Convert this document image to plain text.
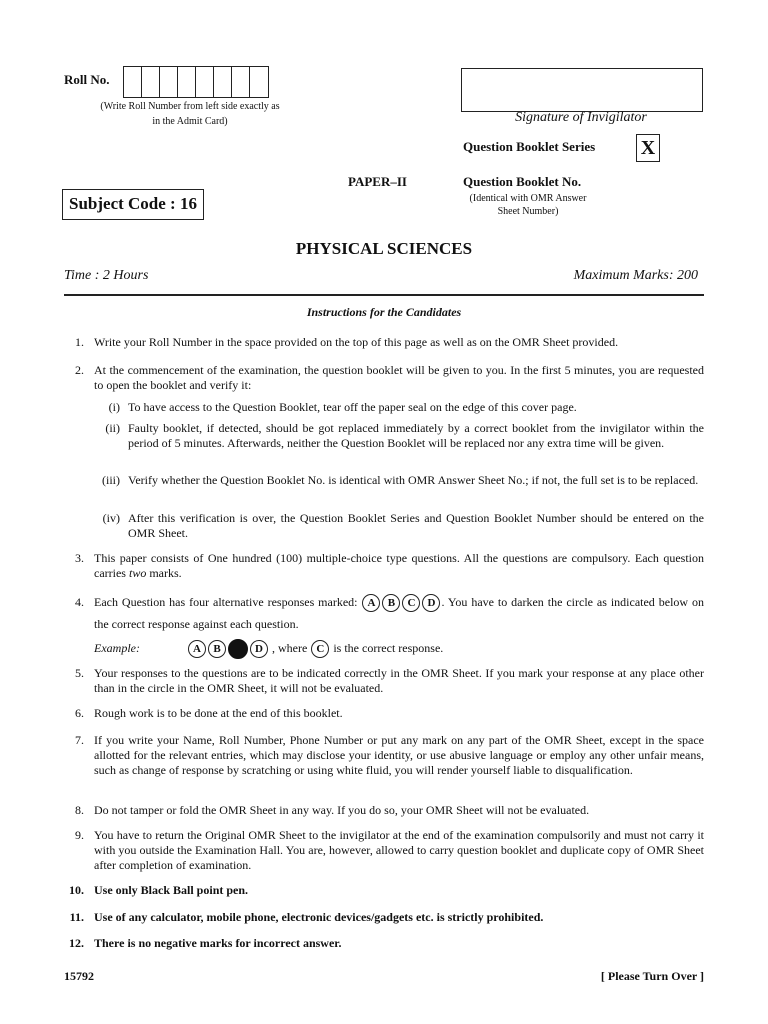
Roll No.
(Write Roll Number from left side exactly as in the Admit Card)	Signature of Invigilator
Question Booklet Series X
Subject Code : 16
PAPER–II	Question Booklet No.
(Identical with OMR Answer Sheet Number)
PHYSICAL SCIENCES
Time : 2 Hours	Maximum Marks: 200
Instructions for the Candidates
1. Write your Roll Number in the space provided on the top of this page as well as on the OMR Sheet provided.
2. At the commencement of the examination, the question booklet will be given to you. In the first 5 minutes, you are requested to open the booklet and verify it:
(i) To have access to the Question Booklet, tear off the paper seal on the edge of this cover page.
(ii) Faulty booklet, if detected, should be got replaced immediately by a correct booklet from the invigilator within the period of 5 minutes. Afterwards, neither the Question Booklet will be replaced nor any extra time will be given.
(iii) Verify whether the Question Booklet No. is identical with OMR Answer Sheet No.; if not, the full set is to be replaced.
(iv) After this verification is over, the Question Booklet Series and Question Booklet Number should be entered on the OMR Sheet.
3. This paper consists of One hundred (100) multiple-choice type questions. All the questions are compulsory. Each question carries two marks.
4. Each Question has four alternative responses marked: A B C D . You have to darken the circle as indicated below on the correct response against each question.
Example:	A B	D , where C is the correct response.
5. Your responses to the questions are to be indicated correctly in the OMR Sheet. If you mark your response at any place other than in the circle in the OMR Sheet, it will not be evaluated.
6. Rough work is to be done at the end of this booklet.
7. If you write your Name, Roll Number, Phone Number or put any mark on any part of the OMR Sheet, except in the space allotted for the relevant entries, which may disclose your identity, or use abusive language or employ any other unfair means, such as change of response by scratching or using white fluid, you will render yourself liable to disqualification.
8. Do not tamper or fold the OMR Sheet in any way. If you do so, your OMR Sheet will not be evaluated.
9. You have to return the Original OMR Sheet to the invigilator at the end of the examination compulsorily and must not carry it with you outside the Examination Hall. You are, however, allowed to carry question booklet and duplicate copy of OMR Sheet after completion of examination.
10. Use only Black Ball point pen.
11. Use of any calculator, mobile phone, electronic devices/gadgets etc. is strictly prohibited.
12. There is no negative marks for incorrect answer.
15792	[ Please Turn Over ]
